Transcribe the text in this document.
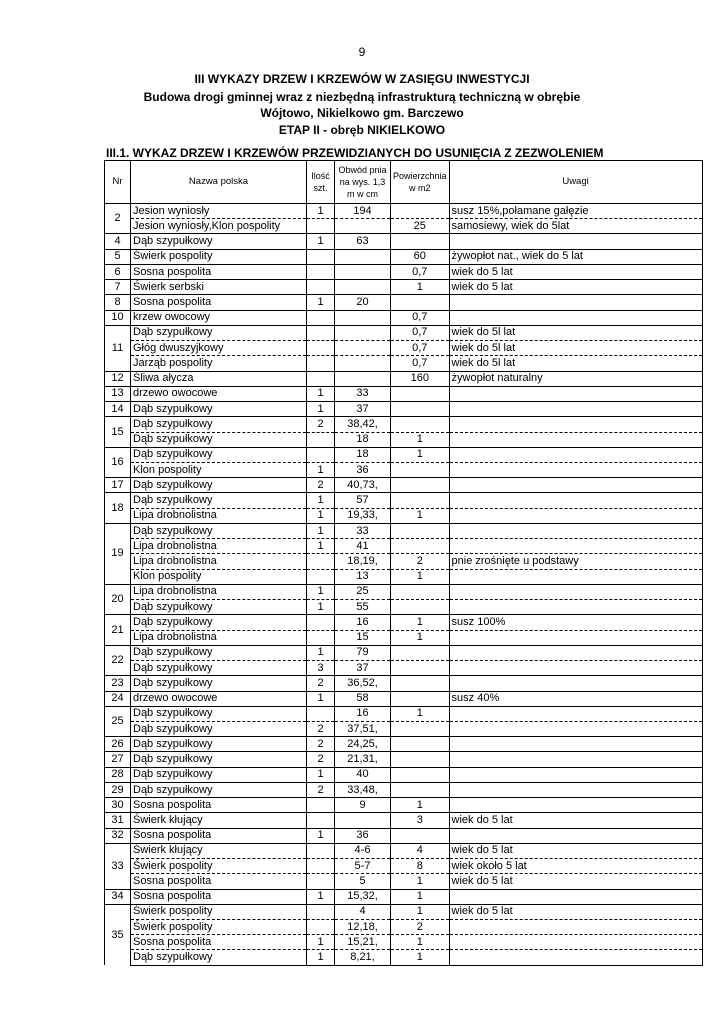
9
III WYKAZY DRZEW I KRZEWÓW W ZASIĘGU INWESTYCJI
Budowa drogi gminnej wraz z niezbędną infrastrukturą techniczną w obrębie
Wójtowo, Nikielkowo gm. Barczewo
ETAP II - obręb NIKIELKOWO
III.1. WYKAZ DRZEW I KRZEWÓW PRZEWIDZIANYCH DO USUNIĘCIA Z ZEZWOLENIEM
Nr	Nazwa polska	Ilość szt.	Obwód pnia na wys. 1,3 m w cm	Powierzchnia w m2	Uwagi
2	Jesion wyniosły	1	194		susz 15%,połamane gałęzie
	Jesion wyniosły,Klon pospolity			25	samosiewy, wiek do 5lat
4	Dąb szypułkowy	1	63		
5	Świerk pospolity			60	żywopłot nat., wiek do 5 lat
6	Sosna pospolita			0,7	wiek do 5 lat
7	Świerk serbski			1	wiek do 5 lat
8	Sosna pospolita	1	20		
10	krzew owocowy			0,7	
11	Dąb szypułkowy			0,7	wiek do 5l lat
	Głóg dwuszyjkowy			0,7	wiek do 5l lat
	Jarząb pospolity			0,7	wiek do 5l lat
12	Śliwa ałycza			160	żywopłot naturalny
13	drzewo owocowe	1	33		
14	Dąb szypułkowy	1	37		
15	Dąb szypułkowy	2	38,42,		
	Dąb szypułkowy		18	1	
16	Dąb szypułkowy		18	1	
	Klon pospolity	1	36		
17	Dąb szypułkowy	2	40,73,		
18	Dąb szypułkowy	1	57		
	Lipa drobnolistna	1	19,33,	1	
19	Dąb szypułkowy	1	33		
	Lipa drobnolistna	1	41		
	Lipa drobnolistna		18,19,	2	pnie zrośnięte u podstawy
	Klon pospolity		13	1	
20	Lipa drobnolistna	1	25		
	Dąb szypułkowy	1	55		
21	Dąb szypułkowy		16	1	susz 100%
	Lipa drobnolistna		15	1	
22	Dąb szypułkowy	1	79		
	Dąb szypułkowy	3	37		
23	Dąb szypułkowy	2	36,52,		
24	drzewo owocowe	1	58		susz 40%
25	Dąb szypułkowy		16	1	
	Dąb szypułkowy	2	37,51,		
26	Dąb szypułkowy	2	24,25,		
27	Dąb szypułkowy	2	21,31,		
28	Dąb szypułkowy	1	40		
29	Dąb szypułkowy	2	33,48,		
30	Sosna pospolita		9	1	
31	Świerk kłujący			3	wiek do 5 lat
32	Sosna pospolita	1	36		
33	Świerk kłujący		4-6	4	wiek do 5 lat
	Świerk pospolity		5-7	8	wiek około 5 lat
	Sosna pospolita		5	1	wiek do 5 lat
34	Sosna pospolita	1	15,32,	1	
35	Świerk pospolity		4	1	wiek do 5 lat
	Świerk pospolity		12,18,	2	
	Sosna pospolita	1	15,21,	1	
	Dąb szypułkowy	1	8,21,	1	
